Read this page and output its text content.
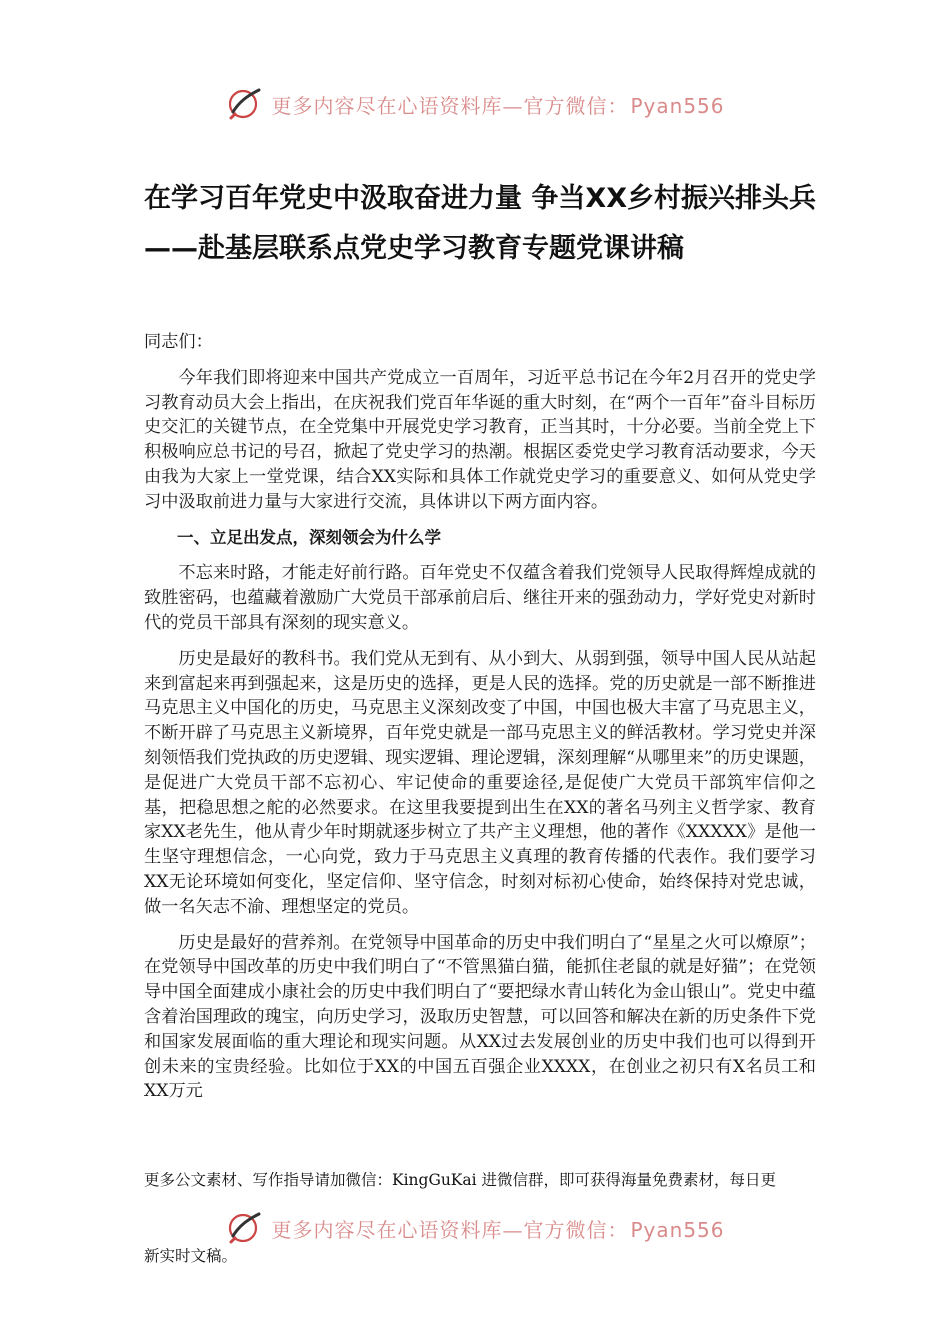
更多内容尽在心语资料库—官方微信： Pyan556
在学习百年党史中汲取奋进力量 争当XX乡村振兴排头兵 ——赴基层联系点党史学习教育专题党课讲稿

同志们：

今年我们即将迎来中国共产党成立一百周年，习近平总书记在今年2月召开的党史学习教育动员大会上指出，在庆祝我们党百年华诞的重大时刻，在“两个一百年”奋斗目标历史交汇的关键节点，在全党集中开展党史学习教育，正当其时，十分必要。当前全党上下积极响应总书记的号召，掀起了党史学习的热潮。根据区委党史学习教育活动要求，今天由我为大家上一堂党课，结合XX实际和具体工作就党史学习的重要意义、如何从党史学习中汲取前进力量与大家进行交流，具体讲以下两方面内容。

一、立足出发点，深刻领会为什么学

不忘来时路，才能走好前行路。百年党史不仅蕴含着我们党领导人民取得辉煌成就的致胜密码，也蕴藏着激励广大党员干部承前启后、继往开来的强劲动力，学好党史对新时代的党员干部具有深刻的现实意义。

历史是最好的教科书。我们党从无到有、从小到大、从弱到强，领导中国人民从站起来到富起来再到强起来，这是历史的选择，更是人民的选择。党的历史就是一部不断推进马克思主义中国化的历史，马克思主义深刻改变了中国，中国也极大丰富了马克思主义，不断开辟了马克思主义新境界，百年党史就是一部马克思主义的鲜活教材。学习党史并深刻领悟我们党执政的历史逻辑、现实逻辑、理论逻辑，深刻理解“从哪里来”的历史课题，是促进广大党员干部不忘初心、牢记使命的重要途径,是促使广大党员干部筑牢信仰之基，把稳思想之舵的必然要求。在这里我要提到出生在XX的著名马列主义哲学家、教育家XX老先生，他从青少年时期就逐步树立了共产主义理想，他的著作《XXXXX》是他一生坚守理想信念，一心向党，致力于马克思主义真理的教育传播的代表作。我们要学习XX无论环境如何变化，坚定信仰、坚守信念，时刻对标初心使命，始终保持对党忠诚，做一名矢志不渝、理想坚定的党员。

历史是最好的营养剂。在党领导中国革命的历史中我们明白了“星星之火可以燎原”；在党领导中国改革的历史中我们明白了“不管黑猫白猫，能抓住老鼠的就是好猫”；在党领导中国全面建成小康社会的历史中我们明白了“要把绿水青山转化为金山银山”。党史中蕴含着治国理政的瑰宝，向历史学习，汲取历史智慧，可以回答和解决在新的历史条件下党和国家发展面临的重大理论和现实问题。从XX过去发展创业的历史中我们也可以得到开创未来的宝贵经验。比如位于XX的中国五百强企业XXXX，在创业之初只有X名员工和XX万元

更多公文素材、写作指导请加微信：KingGuKai 进微信群，即可获得海量免费素材，每日更

更多内容尽在心语资料库—官方微信： Pyan556

新实时文稿。
